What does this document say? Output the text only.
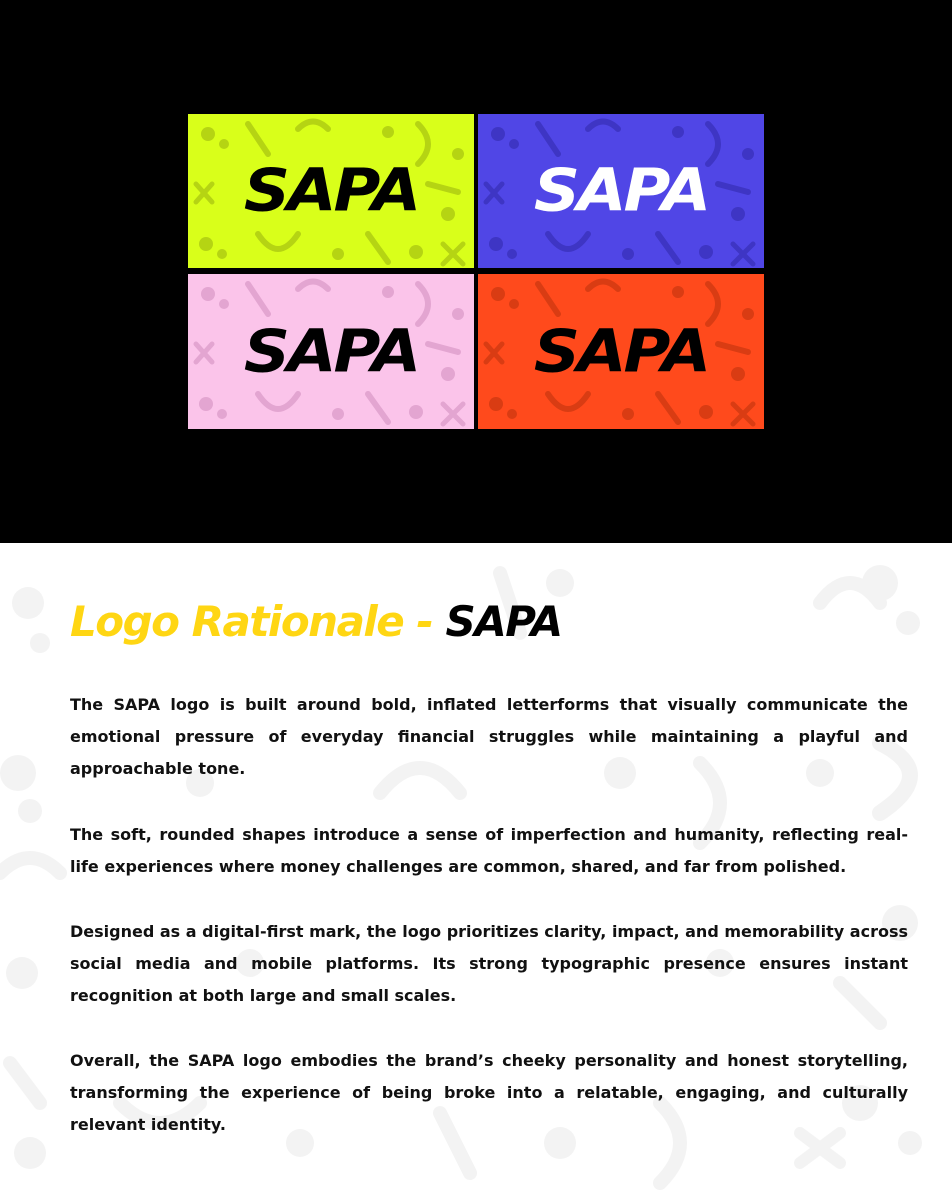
SAPA SAPA
SAPA SAPA
Logo Rationale - SAPA

The SAPA logo is built around bold, inflated letterforms that visually communicate the emotional pressure of everyday financial struggles while maintaining a playful and approachable tone.

The soft, rounded shapes introduce a sense of imperfection and humanity, reflecting real-life experiences where money challenges are common, shared, and far from polished.

Designed as a digital-first mark, the logo prioritizes clarity, impact, and memorability across social media and mobile platforms. Its strong typographic presence ensures instant recognition at both large and small scales.

Overall, the SAPA logo embodies the brand’s cheeky personality and honest storytelling, transforming the experience of being broke into a relatable, engaging, and culturally relevant identity.
